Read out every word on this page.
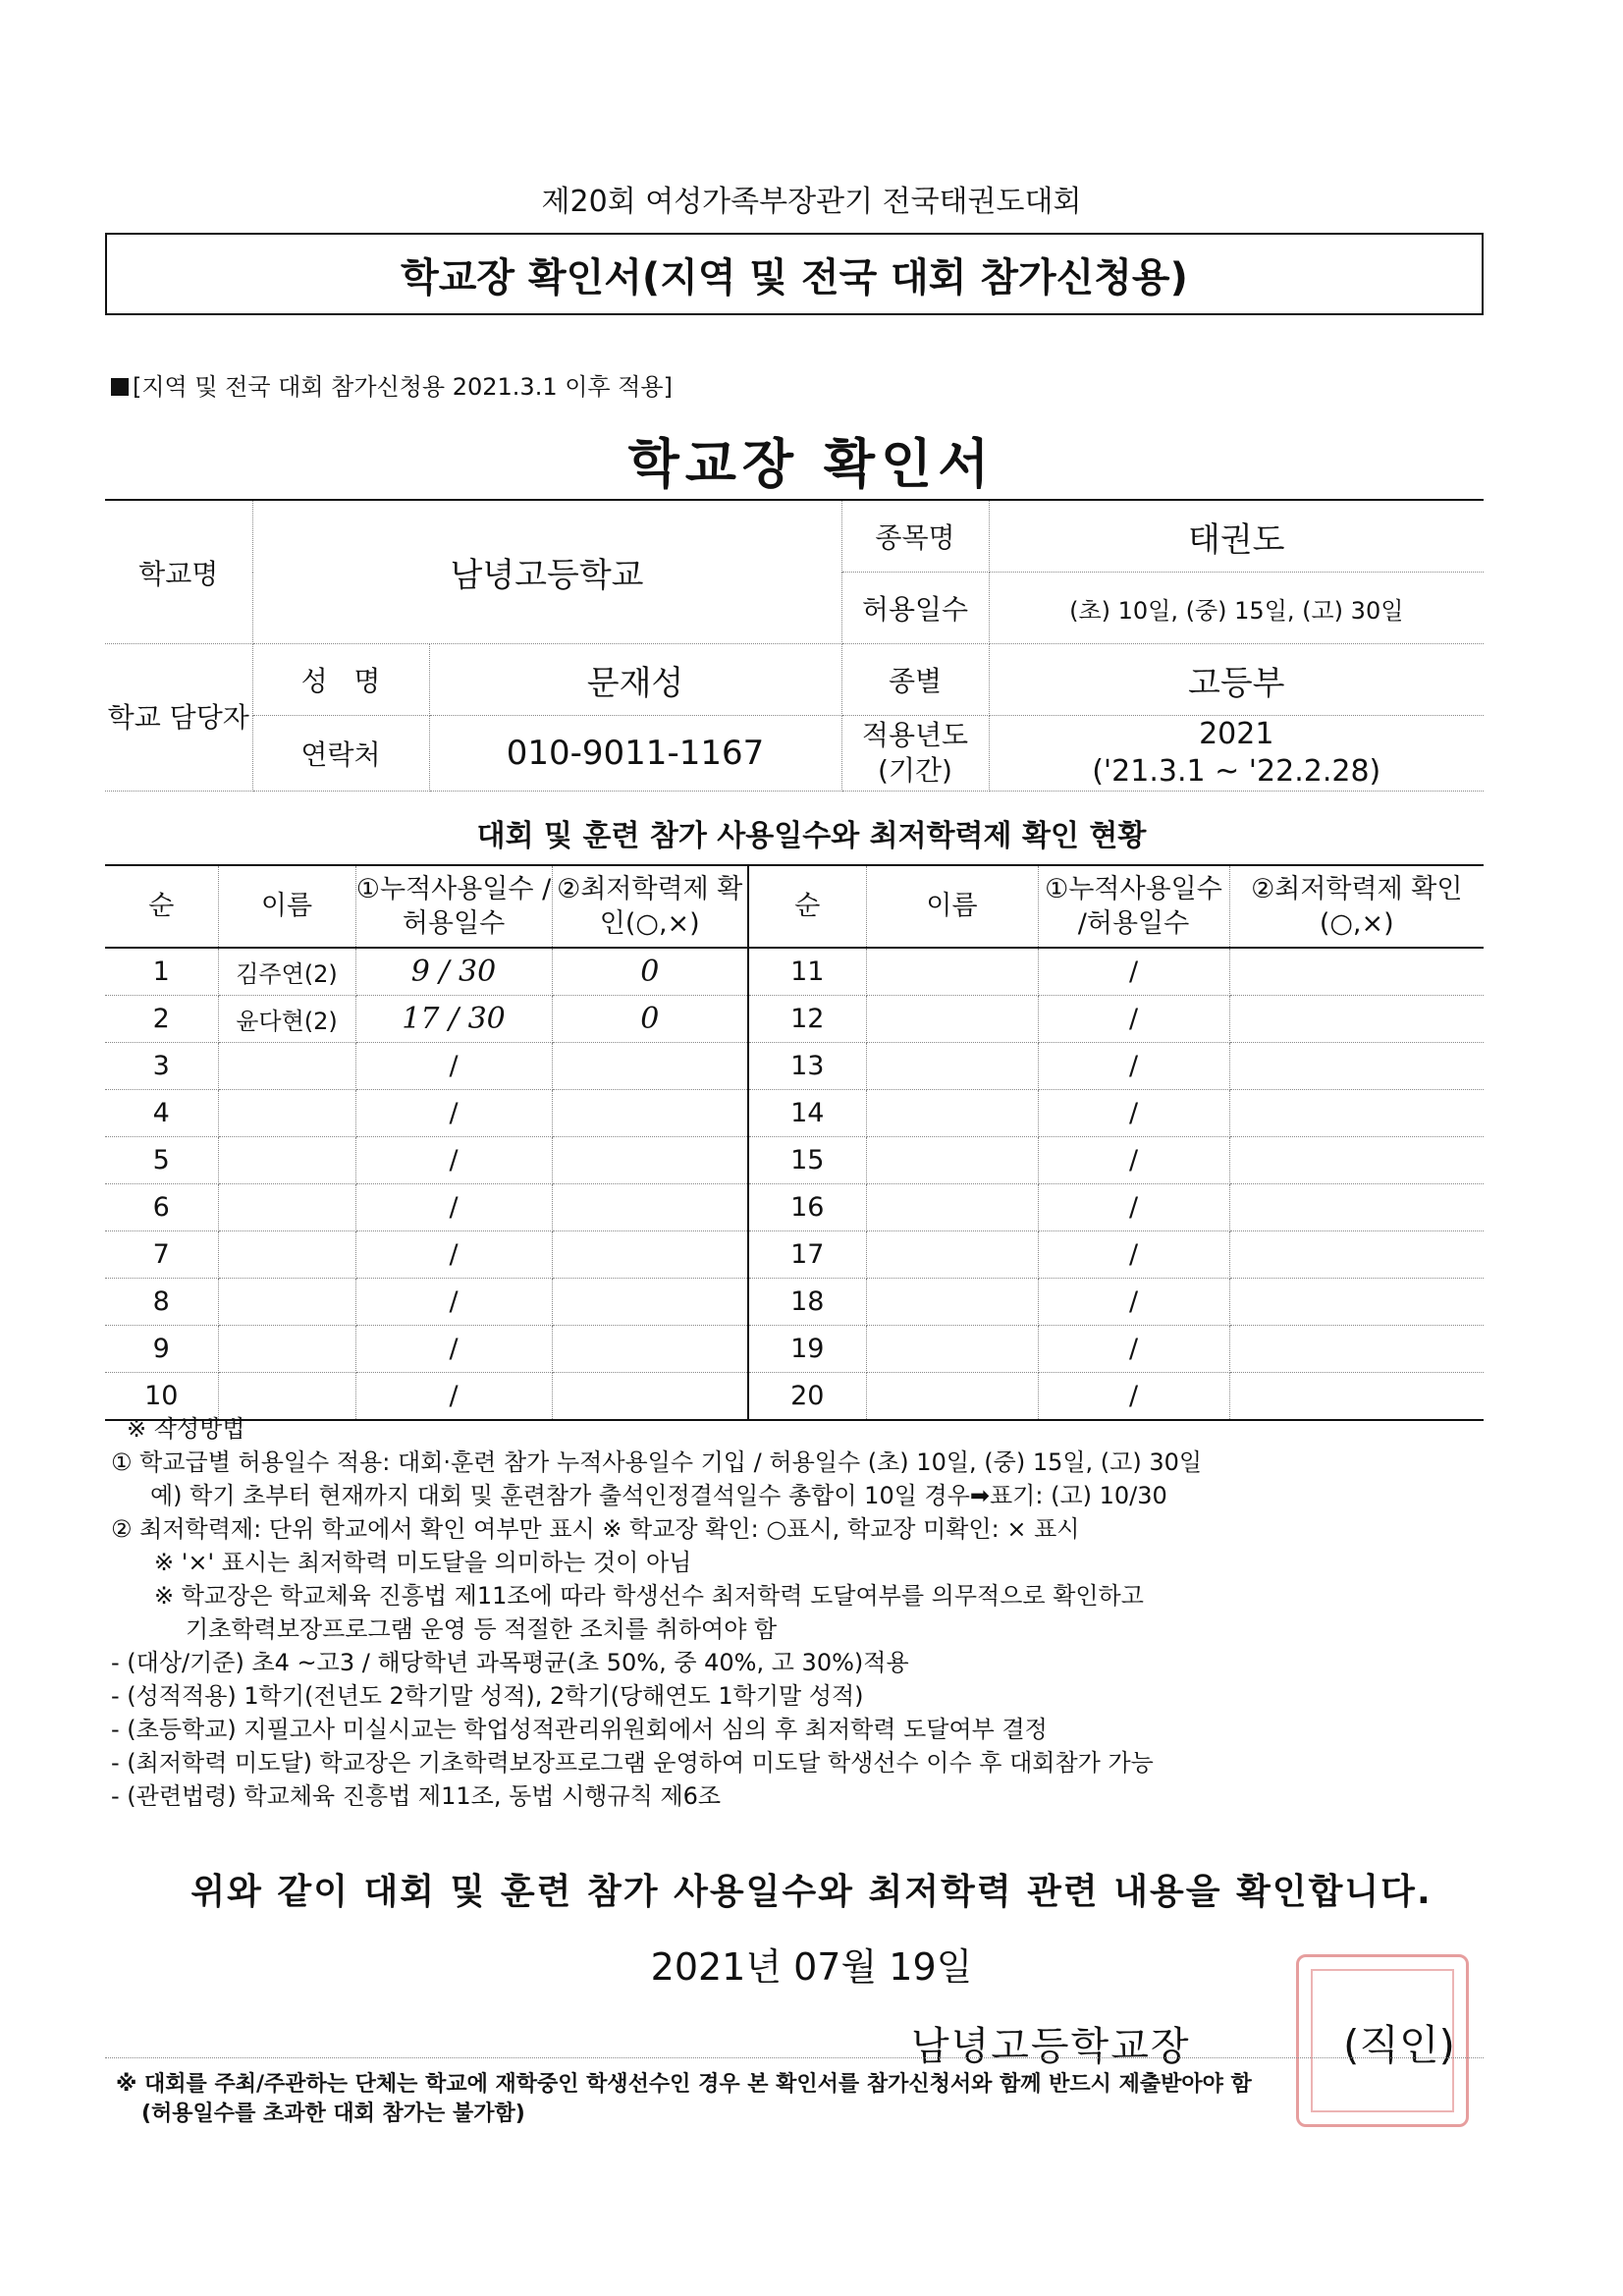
제20회 여성가족부장관기 전국태권도대회
학교장 확인서(지역 및 전국 대회 참가신청용)
[지역 및 전국 대회 참가신청용 2021.3.1 이후 적용]
학교장 확인서
학교명	남녕고등학교		종목명	태권도
			허용일수	(초) 10일, (중) 15일, (고) 30일
학교 담당자	성   명	문재성	종별	고등부
	연락처	010-9011-1167	적용년도 (기간)	2021
('21.3.1 ~ '22.2.28)
대회 및 훈련 참가 사용일수와 최저학력제 확인 현황
순	이름	①누적사용일수 /허용일수	②최저학력제 확인(○,×)	순	이름	①누적사용일수 /허용일수	②최저학력제 확인(○,×)
1	김주연(2)	9 / 30	0	11		/	
2	윤다현(2)	17 / 30	0	12		/	
3		/		13		/	
4		/		14		/	
5		/		15		/	
6		/		16		/	
7		/		17		/	
8		/		18		/	
9		/		19		/	
10		/		20		/	
※ 작성방법
① 학교급별 허용일수 적용: 대회·훈련 참가 누적사용일수 기입 / 허용일수 (초) 10일, (중) 15일, (고) 30일
예) 학기 초부터 현재까지 대회 및 훈련참가 출석인정결석일수 총합이 10일 경우➡표기: (고) 10/30
② 최저학력제: 단위 학교에서 확인 여부만 표시 ※ 학교장 확인: ○표시, 학교장 미확인: × 표시
※ '×' 표시는 최저학력 미도달을 의미하는 것이 아님
※ 학교장은 학교체육 진흥법 제11조에 따라 학생선수 최저학력 도달여부를 의무적으로 확인하고
기초학력보장프로그램 운영 등 적절한 조치를 취하여야 함
- (대상/기준) 초4 ~고3 / 해당학년 과목평균(초 50%, 중 40%, 고 30%)적용
- (성적적용) 1학기(전년도 2학기말 성적), 2학기(당해연도 1학기말 성적)
- (초등학교) 지필고사 미실시교는 학업성적관리위원회에서 심의 후 최저학력 도달여부 결정
- (최저학력 미도달) 학교장은 기초학력보장프로그램 운영하여 미도달 학생선수 이수 후 대회참가 가능
- (관련법령) 학교체육 진흥법 제11조, 동법 시행규칙 제6조
위와 같이 대회 및 훈련 참가 사용일수와 최저학력 관련 내용을 확인합니다.
2021년 07월 19일
남녕고등학교장	(직인)
※ 대회를 주최/주관하는 단체는 학교에 재학중인 학생선수인 경우 본 확인서를 참가신청서와 함께 반드시 제출받아야 함
(허용일수를 초과한 대회 참가는 불가함)
